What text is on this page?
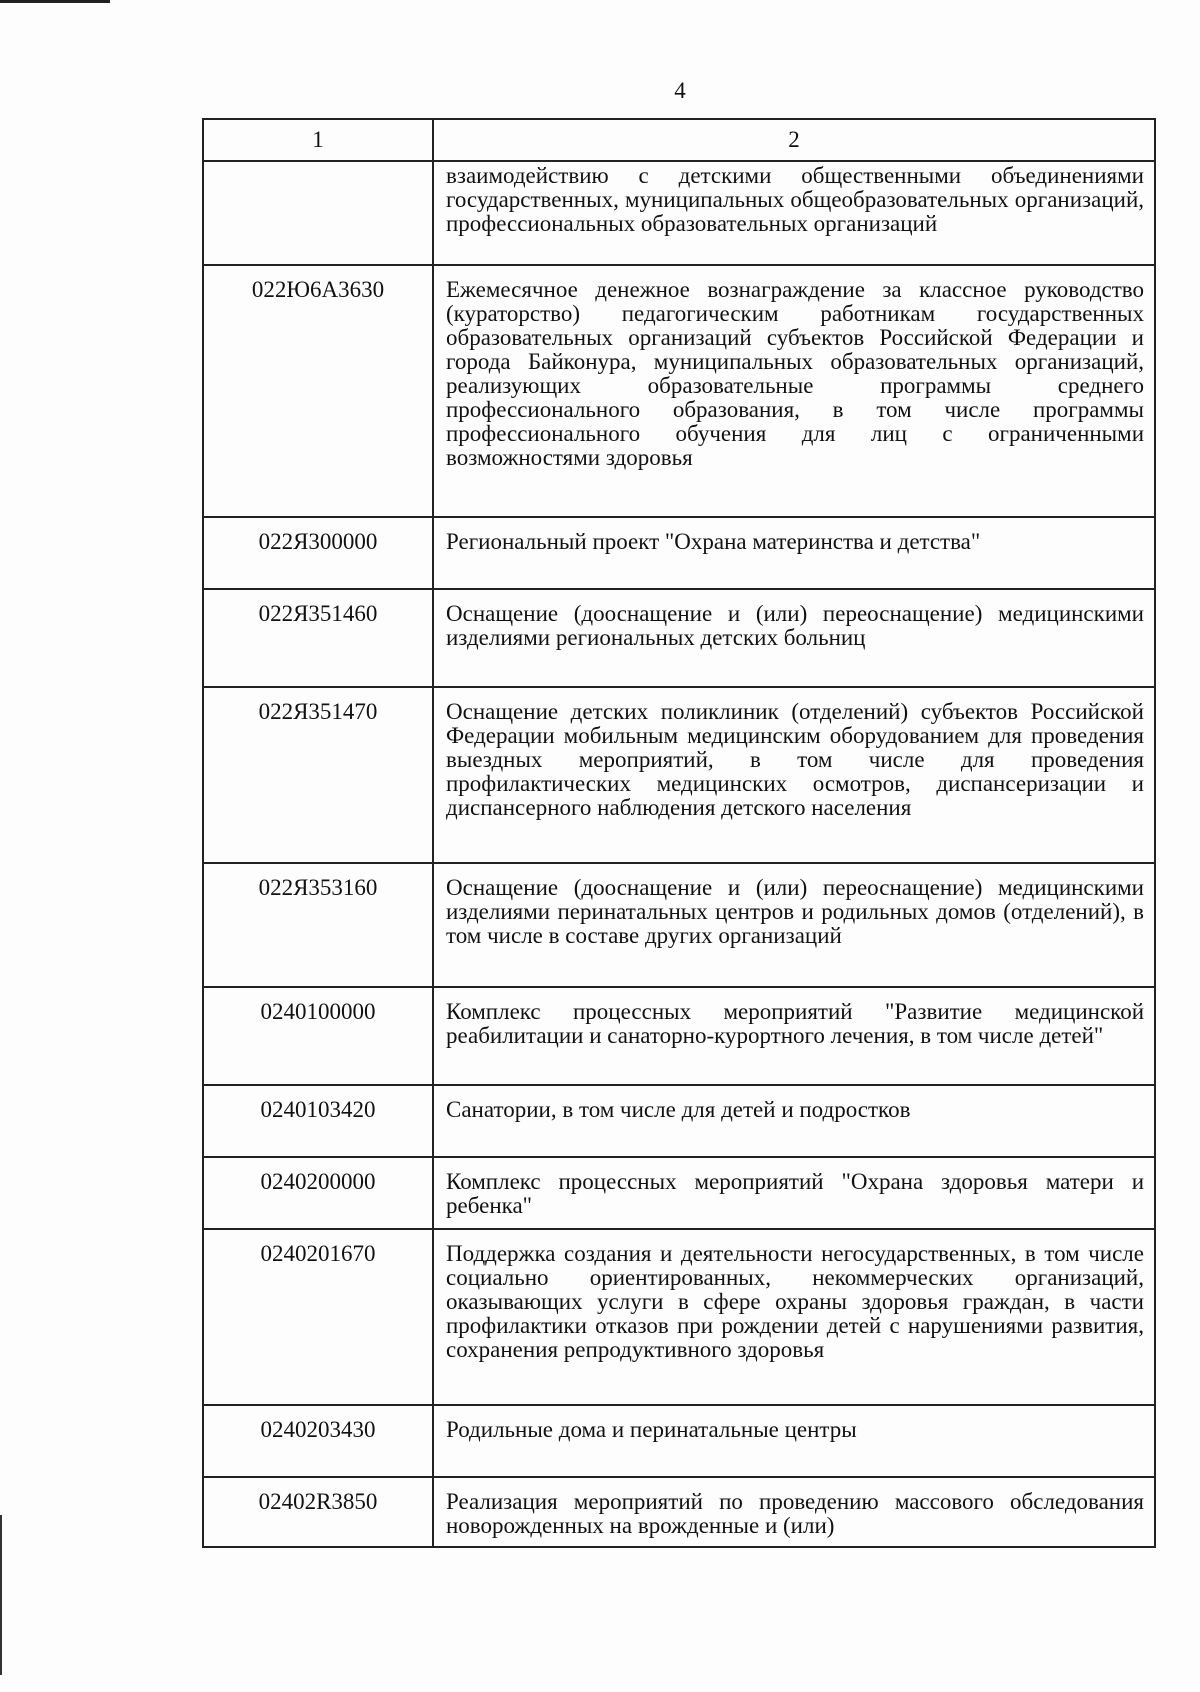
4
1	2
	взаимодействию с детскими общественными объединениями государственных, муниципальных общеобразовательных организаций, профессиональных образовательных организаций
022Ю6А3630	Ежемесячное денежное вознаграждение за классное руководство (кураторство) педагогическим работникам государственных образовательных организаций субъектов Российской Федерации и города Байконура, муниципальных образовательных организаций, реализующих образовательные программы среднего профессионального образования, в том числе программы профессионального обучения для лиц с ограниченными возможностями здоровья
022Я300000	Региональный проект "Охрана материнства и детства"
022Я351460	Оснащение (дооснащение и (или) переоснащение) медицинскими изделиями региональных детских больниц
022Я351470	Оснащение детских поликлиник (отделений) субъектов Российской Федерации мобильным медицинским оборудованием для проведения выездных мероприятий, в том числе для проведения профилактических медицинских осмотров, диспансеризации и диспансерного наблюдения детского населения
022Я353160	Оснащение (дооснащение и (или) переоснащение) медицинскими изделиями перинатальных центров и родильных домов (отделений), в том числе в составе других организаций
0240100000	Комплекс процессных мероприятий "Развитие медицинской реабилитации и санаторно-курортного лечения, в том числе детей"
0240103420	Санатории, в том числе для детей и подростков
0240200000	Комплекс процессных мероприятий "Охрана здоровья матери и ребенка"
0240201670	Поддержка создания и деятельности негосударственных, в том числе социально ориентированных, некоммерческих организаций, оказывающих услуги в сфере охраны здоровья граждан, в части профилактики отказов при рождении детей с нарушениями развития, сохранения репродуктивного здоровья
0240203430	Родильные дома и перинатальные центры
02402R3850	Реализация мероприятий по проведению массового обследования новорожденных на врожденные и (или)
